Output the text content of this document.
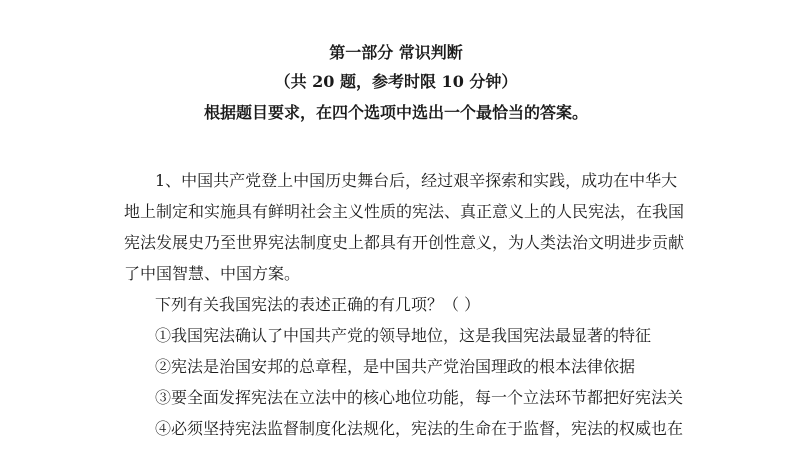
第一部分 常识判断
（共 20 题，参考时限 10 分钟）
根据题目要求，在四个选项中选出一个最恰当的答案。
1、中国共产党登上中国历史舞台后，经过艰辛探索和实践，成功在中华大
地上制定和实施具有鲜明社会主义性质的宪法、真正意义上的人民宪法，在我国
宪法发展史乃至世界宪法制度史上都具有开创性意义，为人类法治文明进步贡献
了中国智慧、中国方案。
下列有关我国宪法的表述正确的有几项？（ ）
①我国宪法确认了中国共产党的领导地位，这是我国宪法最显著的特征
②宪法是治国安邦的总章程，是中国共产党治国理政的根本法律依据
③要全面发挥宪法在立法中的核心地位功能，每一个立法环节都把好宪法关
④必须坚持宪法监督制度化法规化，宪法的生命在于监督，宪法的权威也在
